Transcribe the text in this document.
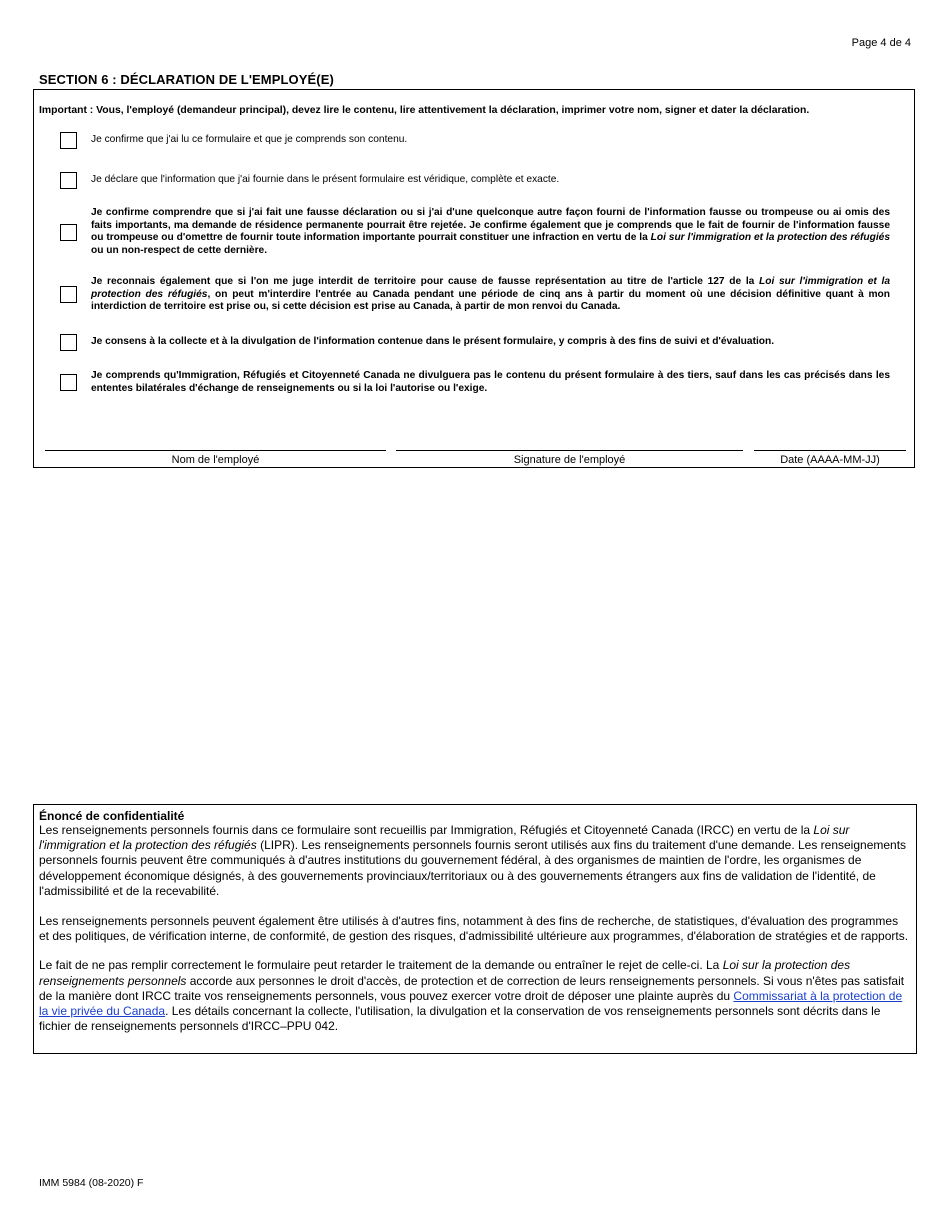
Page 4 de 4
SECTION 6 : DÉCLARATION DE L'EMPLOYÉ(E)
Important : Vous, l'employé (demandeur principal), devez lire le contenu, lire attentivement la déclaration, imprimer votre nom, signer et dater la déclaration.
Je confirme que j'ai lu ce formulaire et que je comprends son contenu.
Je déclare que l'information que j'ai fournie dans le présent formulaire est véridique, complète et exacte.
Je confirme comprendre que si j'ai fait une fausse déclaration ou si j'ai d'une quelconque autre façon fourni de l'information fausse ou trompeuse ou ai omis des faits importants, ma demande de résidence permanente pourrait être rejetée. Je confirme également que je comprends que le fait de fournir de l'information fausse ou trompeuse ou d'omettre de fournir toute information importante pourrait constituer une infraction en vertu de la Loi sur l'immigration et la protection des réfugiés ou un non-respect de cette dernière.
Je reconnais également que si l'on me juge interdit de territoire pour cause de fausse représentation au titre de l'article 127 de la Loi sur l'immigration et la protection des réfugiés, on peut m'interdire l'entrée au Canada pendant une période de cinq ans à partir du moment où une décision définitive quant à mon interdiction de territoire est prise ou, si cette décision est prise au Canada, à partir de mon renvoi du Canada.
Je consens à la collecte et à la divulgation de l'information contenue dans le présent formulaire, y compris à des fins de suivi et d'évaluation.
Je comprends qu'Immigration, Réfugiés et Citoyenneté Canada ne divulguera pas le contenu du présent formulaire à des tiers, sauf dans les cas précisés dans les ententes bilatérales d'échange de renseignements ou si la loi l'autorise ou l'exige.
Nom de l'employé	Signature de l'employé	Date (AAAA-MM-JJ)
Énoncé de confidentialité

Les renseignements personnels fournis dans ce formulaire sont recueillis par Immigration, Réfugiés et Citoyenneté Canada (IRCC) en vertu de la Loi sur l'immigration et la protection des réfugiés (LIPR). Les renseignements personnels fournis seront utilisés aux fins du traitement d'une demande. Les renseignements personnels fournis peuvent être communiqués à d'autres institutions du gouvernement fédéral, à des organismes de maintien de l'ordre, les organismes de développement économique désignés, à des gouvernements provinciaux/territoriaux ou à des gouvernements étrangers aux fins de validation de l'identité, de l'admissibilité et de la recevabilité.

Les renseignements personnels peuvent également être utilisés à d'autres fins, notamment à des fins de recherche, de statistiques, d'évaluation des programmes et des politiques, de vérification interne, de conformité, de gestion des risques, d'admissibilité ultérieure aux programmes, d'élaboration de stratégies et de rapports.

Le fait de ne pas remplir correctement le formulaire peut retarder le traitement de la demande ou entraîner le rejet de celle-ci. La Loi sur la protection des renseignements personnels accorde aux personnes le droit d'accès, de protection et de correction de leurs renseignements personnels. Si vous n'êtes pas satisfait de la manière dont IRCC traite vos renseignements personnels, vous pouvez exercer votre droit de déposer une plainte auprès du Commissariat à la protection de la vie privée du Canada. Les détails concernant la collecte, l'utilisation, la divulgation et la conservation de vos renseignements personnels sont décrits dans le fichier de renseignements personnels d'IRCC–PPU 042.

IMM 5984 (08-2020) F
